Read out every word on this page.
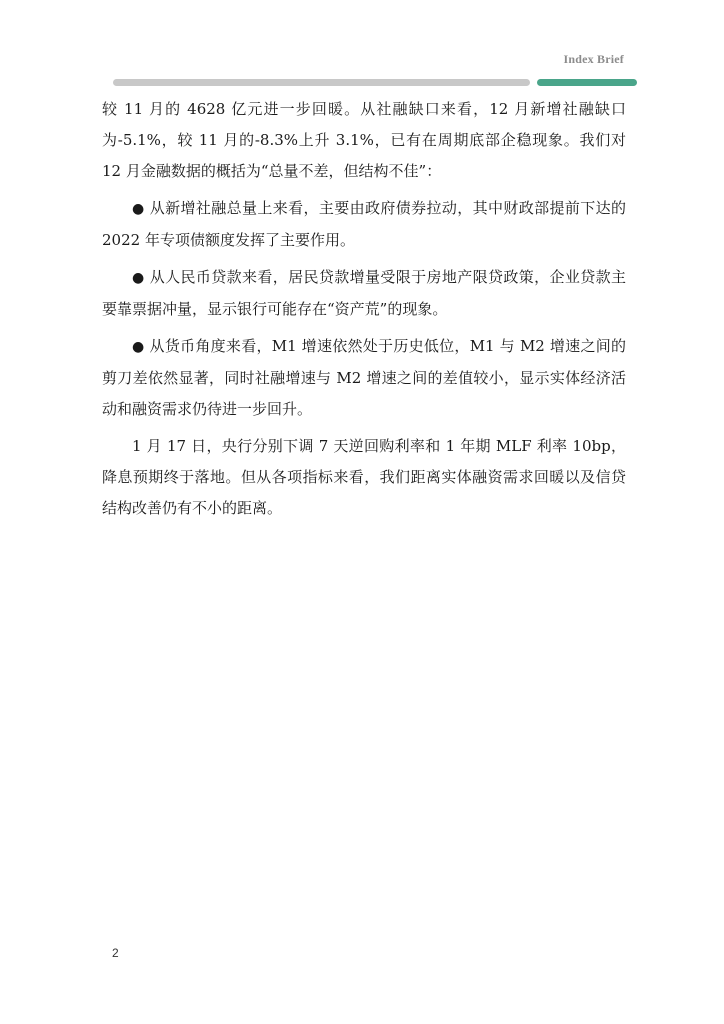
Index Brief

较 11 月的 4628 亿元进一步回暖。从社融缺口来看，12 月新增社融缺口为-5.1%，较 11 月的-8.3%上升 3.1%，已有在周期底部企稳现象。我们对 12 月金融数据的概括为“总量不差，但结构不佳”：

● 从新增社融总量上来看，主要由政府债券拉动，其中财政部提前下达的 2022 年专项债额度发挥了主要作用。

● 从人民币贷款来看，居民贷款增量受限于房地产限贷政策，企业贷款主要靠票据冲量，显示银行可能存在“资产荒”的现象。

● 从货币角度来看，M1 增速依然处于历史低位，M1 与 M2 增速之间的剪刀差依然显著，同时社融增速与 M2 增速之间的差值较小，显示实体经济活动和融资需求仍待进一步回升。

1 月 17 日，央行分别下调 7 天逆回购利率和 1 年期 MLF 利率 10bp，降息预期终于落地。但从各项指标来看，我们距离实体融资需求回暖以及信贷结构改善仍有不小的距离。

2
